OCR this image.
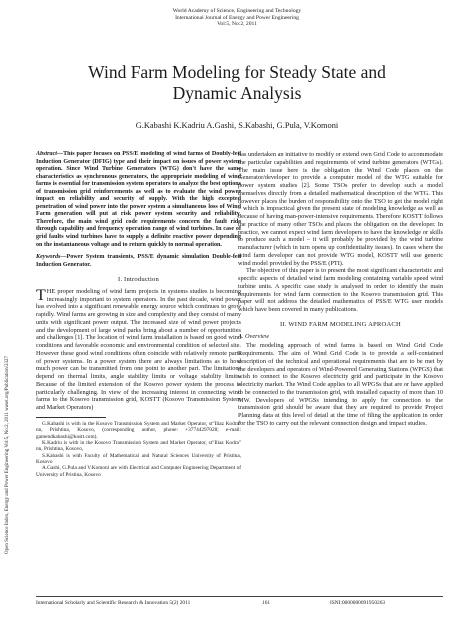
World Academy of Science, Engineering and Technology
International Journal of Energy and Power Engineering
Vol:5, No:2, 2011
Wind Farm Modeling for Steady State and
Dynamic Analysis
G.Kabashi K.Kadriu A.Gashi, S.Kabashi, G.Pula, V.Komoni
Open Science Index, Energy and Power Engineering Vol:5, No:2, 2011 waset.org/Publication/2327

Abstract—This paper focuses on PSS/E modeling of wind farms of Doubly-fed Induction Generator (DFIG) type and their impact on issues of power system operation. Since Wind Turbine Generators (WTG) don't have the same characteristics as synchronous generators, the appropriate modeling of wind farms is essential for transmission system operators to analyze the best options of transmission grid reinforcements as well as to evaluate the wind power impact on reliability and security of supply. With the high excepted penetration of wind power into the power system a simultaneous loss of Wind Farm generation will put at risk power system security and reliability. Therefore, the main wind grid code requirements concern the fault ride through capability and frequency operation range of wind turbines. In case of grid faults wind turbines have to supply a definite reactive power depending on the instantaneous voltage and to return quickly to normal operation.

Keywords—Power System transients, PSS/E dynamic simulation Double-fed Induction Generator.

I. Introduction

THE proper modeling of wind farm projects in systems studies is becoming increasingly important to system operators. In the past decade, wind power has evolved into a significant renewable energy source which continues to grow rapidly. Wind farms are growing in size and complexity and they consist of many units with significant power output. The increased size of wind power projects and the development of large wind parks bring about a number of opportunities and challenges [1]. The location of wind farm installation is based on good wind conditions and favorable economic and environmental condition of selected site. However these good wind conditions often coincide with relatively remote parts of power systems. In a power system there are always limitations as to how much power can be transmitted from one point to another part. The limitations depend on thermal limits, angle stability limits or voltage stability limits. Because of the limited extension of the Kosovo power system the process is particularly challenging. In view of the increasing interest in connecting wind farms to the Kosovo transmission grid, KOSTT (Kosovo Transmission System and Market Operators)

G.Kabashi is with in the Kosovo Transmission System and Market Operator, st"Iliaz Kodra" nn, Prishtina, Kosovo, (corresponding author, phone: +37744297028; e-mail: gamendkabashi@kostt.com).

K.Kadriu is with in the Kosovo Transmission System and Market Operator, st"Iliaz Kodra" nn, Prishtina, Kosovo,

S.Kabashi is with Faculty of Mathematical and Natural Sciences University of Pristina, Kosovo

A.Gashi, G.Pula and V.Komoni are with Electrical and Computer Engineering Department of University of Pristina, Kosovo

has undertaken an initiative to modify or extend own Grid Code to accommodate the particular capabilities and requirements of wind turbine generators (WTGs). The main issue here is the obligation the Wind Code places on the Generator/developer to provide a computer model of the WTG suitable for power system studies [2]. Some TSOs prefer to develop such a model themselves directly from a detailed mathematical description of the WTG. This however places the burden of responsibility onto the TSO to get the model right – which is impractical given the present state of modeling knowledge as well as because of having man-power-intensive requirements. Therefore KOSTT follows the practice of many other TSOs and places the obligation on the developer. In practice, we cannot expect wind farm developers to have the knowledge or skills to produce such a model – it will probably be provided by the wind turbine manufacturer (which in turn opens up confidentiality issues). In cases where the wind farm developer can not provide WTG model, KOSTT will use generic wind model provided by the PSS/E (PTI).

The objective of this paper is to present the most significant characteristic and specific aspects of detailed wind farm modeling containing variable speed wind turbine units. A specific case study is analysed in order to identify the main requirements for wind farm connection to the Kosovo transmission grid. This paper will not address the detailed mathematics of PSS/E WTG user models which have been covered in many publications.

II. WIND FARM MODELING APROACH

A. Overview

The modeling approach of wind farms is based on Wind Grid Code Requirements. The aim of Wind Grid Code is to provide a self-contained description of the technical and operational requirements that are to be met by the developers and operators of Wind-Powered Generating Stations (WPGS) that wish to connect to the Kosovo electricity grid and participate in the Kosovo electricity market. The Wind Code applies to all WPGSs that are or have applied to be connected to the transmission grid, with installed capacity of more than 10 MW. Developers of WPGSs intending to apply for connection to the transmission grid should be aware that they are required to provide Project Planning data at this level of detail at the time of filing the application in order for the TSO to carry out the relevant connection design and impact studies.

International Scholarly and Scientific Research & Innovation 5(2) 2011	161	ISNI:0000000091950263
